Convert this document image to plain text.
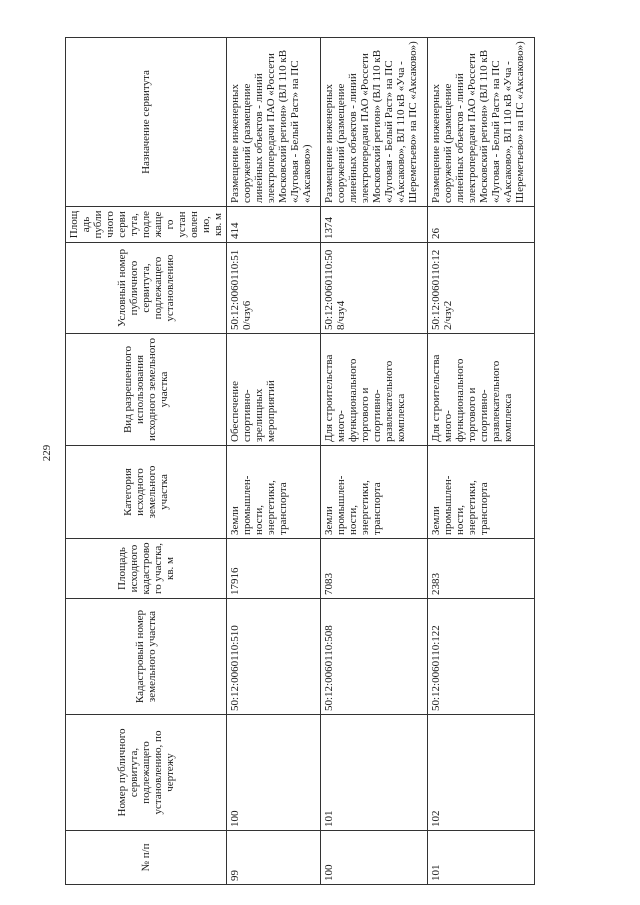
229
№ п/п	Номер публичного сервитута, подлежащего установлению, по чертежу	Кадастровый номер земельного участка	Площадь исходного кадастрового участка, кв. м	Категория исходного земельного участка	Вид разрешенного использования исходного земельного участка	Условный номер публичного сервитута, подлежащего установлению	Площадь публичного сервитута, подлежащего установлению, кв. м	Назначение сервитута
99	100	50:12:0060110:510	17916	Земли промышлен-ности, энергетики, транспорта	Обеспечение спортивно-зрелищных мероприятий	50:12:0060110:510/чзу6	414	Размещение инженерных сооружений (размещение линейных объектов - линий электропередачи ПАО «Россети Московский регион» (ВЛ 110 кВ «Луговая - Белый Раст» на ПС «Аксаково»)
100	101	50:12:0060110:508	7083	Земли промышлен-ности, энергетики, транспорта	Для строительства много-функционального торгового и спортивно-развлекательного комплекса	50:12:0060110:508/чзу4	1374	Размещение инженерных сооружений (размещение линейных объектов - линий электропередачи ПАО «Россети Московский регион» (ВЛ 110 кВ «Луговая - Белый Раст» на ПС «Аксаково», ВЛ 110 кВ «Уча - Шереметьево» на ПС «Аксаково»)
101	102	50:12:0060110:122	2383	Земли промышлен-ности, энергетики, транспорта	Для строительства много-функционального торгового и спортивно-развлекательного комплекса	50:12:0060110:122/чзу2	26	Размещение инженерных сооружений (размещение линейных объектов - линий электропередачи ПАО «Россети Московский регион» (ВЛ 110 кВ «Луговая - Белый Раст» на ПС «Аксаково», ВЛ 110 кВ «Уча - Шереметьево» на ПС «Аксаково»)
